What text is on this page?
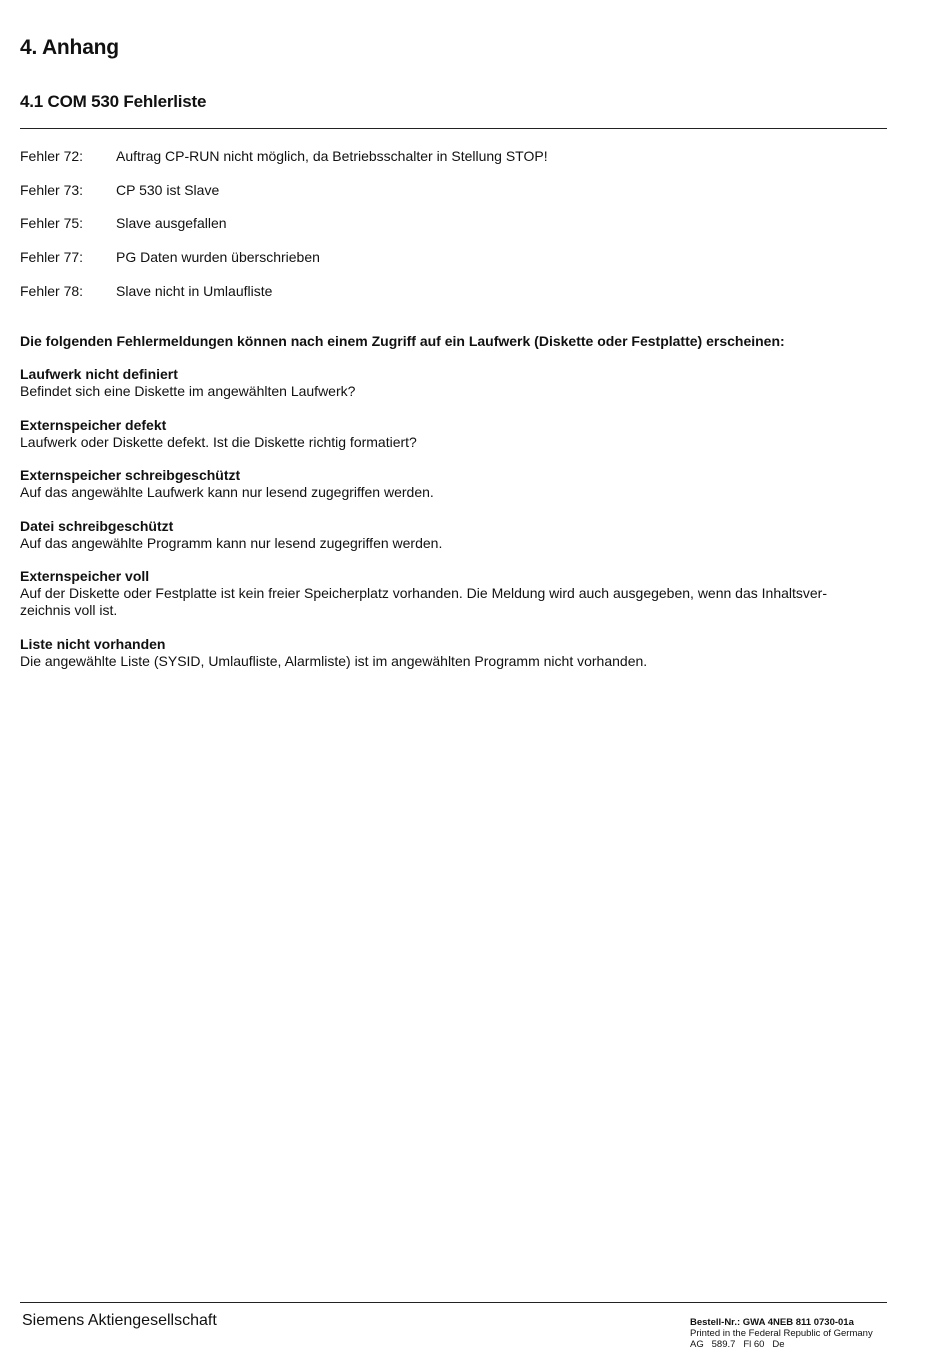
4. Anhang
4.1 COM 530 Fehlerliste
Fehler 72:	Auftrag CP-RUN nicht möglich, da Betriebsschalter in Stellung STOP!
Fehler 73:	CP 530 ist Slave
Fehler 75:	Slave ausgefallen
Fehler 77:	PG Daten wurden überschrieben
Fehler 78:	Slave nicht in Umlaufliste

Die folgenden Fehlermeldungen können nach einem Zugriff auf ein Laufwerk (Diskette oder Festplatte) erscheinen:

Laufwerk nicht definiert
Befindet sich eine Diskette im angewählten Laufwerk?
Externspeicher defekt
Laufwerk oder Diskette defekt. Ist die Diskette richtig formatiert?
Externspeicher schreibgeschützt
Auf das angewählte Laufwerk kann nur lesend zugegriffen werden.
Datei schreibgeschützt
Auf das angewählte Programm kann nur lesend zugegriffen werden.
Externspeicher voll
Auf der Diskette oder Festplatte ist kein freier Speicherplatz vorhanden. Die Meldung wird auch ausgegeben, wenn das Inhaltsver-
zeichnis voll ist.
Liste nicht vorhanden
Die angewählte Liste (SYSID, Umlaufliste, Alarmliste) ist im angewählten Programm nicht vorhanden.
Siemens Aktiengesellschaft	Bestell-Nr.: GWA 4NEB 811 0730-01a
Printed in the Federal Republic of Germany
AG   589.7   Fl 60   De
